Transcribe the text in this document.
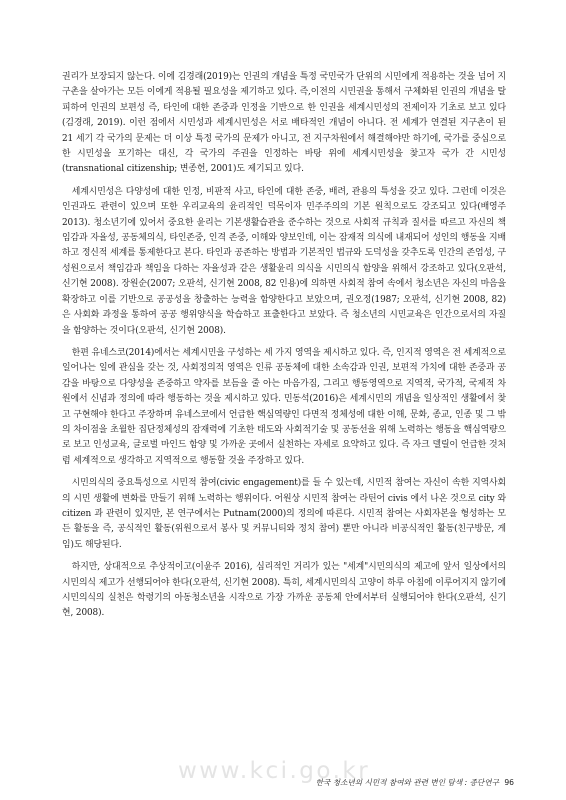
권리가 보장되지 않는다. 이에 김경래(2019)는 인권의 개념을 특정 국민국가 단위의 시민에게 적용하는 것을 넘어 지구촌을 살아가는 모든 이에게 적용될 필요성을 제기하고 있다. 즉,이전의 시민권을 통해서 구체화된 인권의 개념을 탈피하여 인권의 보편성 즉, 타인에 대한 존중과 인정을 기반으로 한 인권을 세계시민성의 전제이자 기초로 보고 있다(김경래, 2019). 이런 점에서 시민성과 세계시민성은 서로 배타적인 개념이 아니다. 전 세계가 연결된 지구촌이 된 21 세기 각 국가의 문제는 더 이상 특정 국가의 문제가 아니고, 전 지구차원에서 해결해야만 하기에, 국가를 중심으로 한 시민성을 포기하는 대신, 각 국가의 주권을 인정하는 바탕 위에 세계시민성을 찾고자 국가 간 시민성(transnational citizenship; 변종헌, 2001)도 제기되고 있다.

세계시민성은 다양성에 대한 인정, 비판적 사고, 타인에 대한 존중, 배려, 관용의 특성을 갖고 있다. 그런데 이것은 인권과도 관련이 있으며 또한 우리교육의 윤리적인 덕목이자 민주주의의 기본 원칙으로도 강조되고 있다(배영주 2013). 청소년기에 있어서 중요한 윤리는 기본생활습관을 준수하는 것으로 사회적 규칙과 질서를 따르고 자신의 책임감과 자율성, 공동체의식, 타인존중, 인격 존중, 이해와 양보인데, 이는 잠재적 의식에 내재되어 성인의 행동을 지배하고 정신적 세계를 통제한다고 본다. 타인과 공존하는 방법과 기본적인 법규와 도덕성을 갖추도록 인간의 존엄성, 구성원으로서 책임감과 책임을 다하는 자율성과 같은 생활윤리 의식을 시민의식 함양을 위해서 강조하고 있다(오판석, 신기현 2008). 장원순(2007; 오판석, 신기현 2008, 82 인용)에 의하면 사회적 참여 속에서 청소년은 자신의 마음을 확장하고 이를 기반으로 공공성을 창출하는 능력을 함양한다고 보았으며, 권오정(1987; 오판석, 신기현 2008, 82)은 사회화 과정을 통하여 공공 행위양식을 학습하고 표출한다고 보았다. 즉 청소년의 시민교육은 인간으로서의 자질을 함양하는 것이다(오판석, 신기현 2008).

한편 유네스코(2014)에서는 세계시민을 구성하는 세 가지 영역을 제시하고 있다. 즉, 인지적 영역은 전 세계적으로 일어나는 일에 관심을 갖는 것, 사회정의적 영역은 인류 공동체에 대한 소속감과 인권, 보편적 가치에 대한 존중과 공감을 바탕으로 다양성을 존중하고 약자를 보듬을 줄 아는 마음가짐, 그리고 행동영역으로 지역적, 국가적, 국제적 차원에서 신념과 정의에 따라 행동하는 것을 제시하고 있다. 민동석(2016)은 세계시민의 개념을 일상적인 생활에서 찾고 구현해야 한다고 주장하며 유네스코에서 언급한 핵심역량인 다면적 정체성에 대한 이해, 문화, 종교, 인종 및 그 밖의 차이점을 초월한 집단정체성의 잠재력에 기초한 태도와 사회적기술 및 공동선을 위해 노력하는 행동을 핵심역량으로 보고 인성교육, 글로벌 마인드 함양 및 가까운 곳에서 실천하는 자세로 요약하고 있다. 즉 자크 델릴이 언급한 것처럼 세계적으로 생각하고 지역적으로 행동할 것을 주장하고 있다.

시민의식의 중요특성으로 시민적 참여(civic engagement)를 들 수 있는데, 시민적 참여는 자신이 속한 지역사회의 시민 생활에 변화를 만들기 위해 노력하는 행위이다. 어원상 시민적 참여는 라틴어 civis 에서 나온 것으로 city 와 citizen 과 관련이 있지만, 본 연구에서는 Putnam(2000)의 정의에 따른다. 시민적 참여는 사회자본을 형성하는 모든 활동을 즉, 공식적인 활동(위원으로서 봉사 및 커뮤니티와 정치 참여) 뿐만 아니라 비공식적인 활동(친구방문, 게임)도 해당된다.

하지만, 상대적으로 추상적이고(이윤주 2016), 심리적인 거리가 있는 "세계"시민의식의 제고에 앞서 일상에서의 시민의식 제고가 선행되어야 한다(오판석, 신기현 2008). 특히, 세계시민의식 고양이 하루 아침에 이루어지지 않기에 시민의식의 실천은 학령기의 아동청소년을 시작으로 가장 가까운 공동체 안에서부터 실행되어야 한다(오판석, 신기현, 2008).

www.kci.go.kr
한국 청소년의 시민적 참여와 관련 변인 탐색 : 종단연구 96
